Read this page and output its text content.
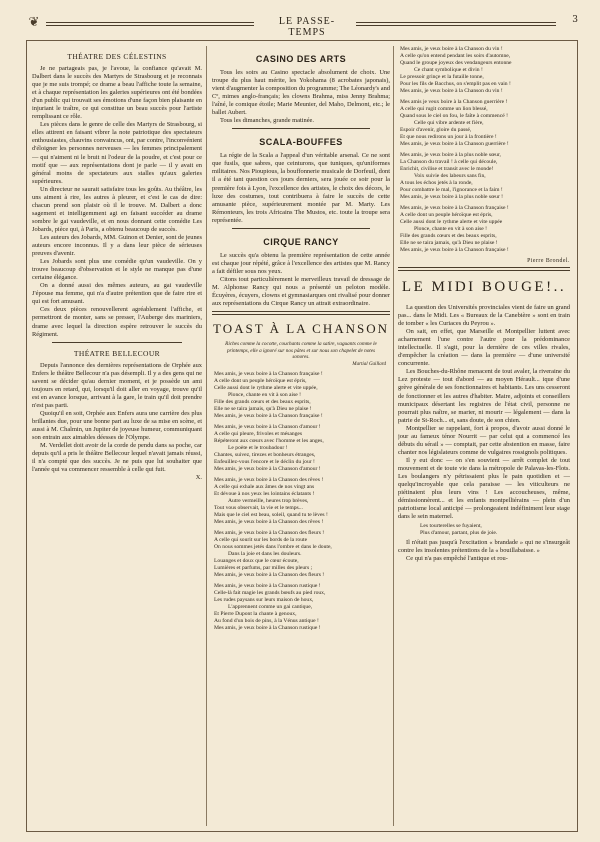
❦	LE PASSE-TEMPS
3
THÉATRE DES CÉLESTINS

Je ne partageais pas, je l'avoue, la confiance qu'avait M. Dalbert dans le succès des Martyrs de Strasbourg et je reconnais que je me suis trompé; ce drame a beau l'affiche toute la semaine, et à chaque représentation les galeries supérieures ont été bondées d'un public qui trouvait ses émotions d'une façon bien plaisante en injuriant le traître, ce qui constitue un beau succès pour l'artiste remplissant ce rôle.

Les pièces dans le genre de celle des Martyrs de Strasbourg, si elles attirent en faisant vibrer la note patriotique des spectateurs enthousiastes, chauvins convaincus, ont, par contre, l'inconvénient d'éloigner les personnes nerveuses — les femmes principalement — qui n'aiment ni le bruit ni l'odeur de la poudre, et c'est pour ce motif que — aux représentations dont je parle — il y avait en général moins de spectateurs aux stalles qu'aux galeries supérieures.

Un directeur ne saurait satisfaire tous les goûts. Au théâtre, les uns aiment à rire, les autres à pleurer, et c'est le cas de dire: chacun prend son plaisir où il le trouve. M. Dalbert a donc sagement et intelligemment agi en faisant succéder au drame sombre le gai vaudeville, et en nous donnant cette comédie Les Jobards, pièce qui, à Paris, a obtenu beaucoup de succès.

Les auteurs des Jobards, MM. Guinon et Denier, sont de jeunes auteurs encore inconnus. Il y a dans leur pièce de sérieuses preuves d'avenir.

Les Jobards sont plus une comédie qu'un vaudeville. On y trouve beaucoup d'observation et le style ne manque pas d'une certaine élégance.

On a donné aussi des mêmes auteurs, au gai vaudeville J'épouse ma femme, qui n'a d'autre prétention que de faire rire et qui est fort amusant.

Ces deux pièces renouvellerent agréablement l'affiche, et permettront de monter, sans se presser, l'Auberge des mariniers, drame avec lequel la direction espère retrouver le succès du Régiment.

THÉATRE BELLECOUR

Depuis l'annonce des dernières représentations de Orphée aux Enfers le théâtre Bellecour n'a pas désempli. Il y a des gens qui ne savent se décider qu'au dernier moment, et je possède un ami toujours en retard, qui, lorsqu'il doit aller en voyage, trouve qu'il est en avance lorsque, arrivant à la gare, le train qu'il doit prendre n'est pas parti.

Quoiqu'il en soit, Orphée aux Enfers aura une carrière des plus brillantes due, pour une bonne part au luxe de sa mise en scène, et aussi à M. Chalmin, un Jupiter de joyeuse humeur, communiquant son entrain aux aimables déesses de l'Olympe.

M. Verdellet doit avoir de la corde de pendu dans sa poche, car depuis qu'il a pris le théâtre Bellecour lequel n'avait jamais réussi, il n'a compté que des succès. Je ne puis que lui souhaiter que l'année qui va commencer ressemble à celle qui fuit.

X.
CASINO DES ARTS

Tous les soirs au Casino spectacle absolument de choix. Une troupe du plus haut mérite, les Yokohama (8 acrobates japonais), vient d'augmenter la composition du programme; The Léonardy's and Cº, mimes anglo-français; les clowns Brahma, miss Jenny Brahma; l'aîné, le comique étoile; Marie Meunier, del Maho, Delmont, etc.; le ballet Aubert.

Tous les dimanches, grande matinée.

SCALA-BOUFFES

La régie de la Scala a l'appeal d'un véritable arsenal. Ce ne sont que fusils, que sabres, que ceinturons, que tuniques, qu'uniformes militaires. Nos Pioupious, la bouffonnerie musicale de Dorfeuil, dont il a été tant question ces jours derniers, sera jouée ce soir pour la première fois à Lyon, l'excellence des artistes, le choix des décors, le luxe des costumes, tout contribuera à faire le succès de cette amusante pièce, supérieurement montée par M. Marty. Les Rémonteurs, les trois Africains The Mustos, etc. toute la troupe sera représentée.

CIRQUE RANCY

Le succès qu'a obtenu la première représentation de cette année est chaque jour répété, grâce à l'excellence des artistes que M. Rancy a fait défiler sous nos yeux.

Citons tout particulièrement le merveilleux travail de dressage de M. Alphonse Rancy qui nous a présenté un peloton modèle. Écuyères, écuyers, clowns et gymnasiarques ont rivalisé pour donner aux représentations du Cirque Rancy un attrait extraordinaire.

TOAST À LA CHANSON
Riches comme la cocotte, couchants comme la satire, vaguants comme le printemps, elle a ignoré sur nos pâtes et sur nous son chapelet de notes sonores.
Martial Gaillard
Mes amis, je veux boire à la Chanson française !
A celle dont un peuple héroïque est épris,
Celle aussi dont le rythme alerte et vite uppée,
Plonce, chante en vit à son aise !
Fille des grands cœurs et des beaux esprits,
Elle ne se taira jamais, qu'à Dieu ne plaise !
Mes amis, je veux boire à la Chanson française !
Mes amis, je veux boire à la Chanson d'amour !
A celle qui pleure, frivoles et mésanges
Répéteront aux cœurs avec l'homme et les anges,
Le poète et le troubadour !
Chantes, suivez, tirezes et bonheurs étranges,
Enfeuillez-vous l'encore et le déclin du jour !
Mes amis, je veux boire à la Chanson d'amour !
Mes amis, je veux boire à la Chanson des rêves !
A celle qui exhale aux âmes de nos vingt ans
Et dévoue à nos yeux les lointains éclatants !
Autre vermeille, heures trop brèves,
Tout vous observait, la vie et le temps...
Mais que le ciel est beau, soleil, quand tu te lèves !
Mes amis, je veux boire à la Chanson des rêves !
Mes amis, je veux boire à la Chanson des fleurs !
A celle qui sourit sur les bords de la route
On nous sommes jetés dans l'ombre et dans le doute,
Dans la joie et dans les douleurs.
Louanges et doux que le cœur écoute,
Lumières et parfums, par milles des pleurs ;
Mes amis, je veux boire à la Chanson des fleurs !
Mes amis, je veux boire à la Chanson rustique !
Celle-là fait magie les grands bœufs au pied roux,
Les rudes paysans sur leurs maison de houx,
L'apprennent comme un gai cantique,
Et Pierre Dupont la chante à genoux,
Au fond d'un bois de pins, à la Vénus antique !
Mes amis, je veux boire à la Chanson rustique !
Mes amis, je veux boire à la Chanson du vin !
A celle qu'on entend pendant les soirs d'automne,
Quand le groupe joyeux des vendangeurs entonne
Ce chant symbolique et divin !
Le pressoir grinçe et la futaille tonne,
Pour les fils de Bacchus, on s'emplit pas en vain !
Mes amis, je veux boire à la Chanson du vin !
Mes amis je veux boire à la Chanson guerrière !
A celle qui rugit comme un lion blessé,
Quand sous le ciel on fou, le faîte à commencé !
Celle qui vibre ardente et fière,
Espoir d'avenir, gloire du passé,
Et que nous redirons un jour à la frontière !
Mes amis, je veux boire à la Chanson guerrière !
Mes amis, je veux boire à la plus noble sœur,
La Chanson du travail ! à celle qui découle,
Enrichit, civilise et transit avec le monde!
Voix suivie des labeurs sans fin,
A tous les échos jetés à la ronde,
Pour combattre le mal, l'ignorance et la faim !
Mes amis, je veux boire à la plus noble sœur !
Mes amis, je veux boire à la Chanson française !
A celle dont un peuple héroïque est épris,
Celle aussi dont le rythme alerte et vite uppée
Plonce, chante en vit à son aise !
Fille des grands cœurs et des beaux esprits,
Elle ne se taira jamais, qu'à Dieu ne plaise !
Mes amis, je veux boire à la Chanson française !
Pierre Brondel.
LE MIDI BOUGE!..

La question des Universités provinciales vient de faire un grand pas... dans le Midi. Les « Bureaux de la Canebière » sont en train de tomber « les Curiaces du Peyrou ».

On sait, en effet, que Marseille et Montpellier luttent avec acharnement l'une contre l'autre pour la prédominance intellectuelle. Il s'agit, pour la dernière de ces villes rivales, d'empêcher la création — dans la première — d'une université concurrente.

Les Bouches-du-Rhône menacent de tout avaler, la riveraine du Lez proteste — tout d'abord — au moyen Hérault... ique d'une grève générale de ses fonctionnaires et habitants. Les uns cesseront de fonctionner et les autres d'habiter. Maire, adjoints et conseillers municipaux désertant les registres de l'état civil, personne ne pourrait plus naître, se marier, ni mourir — légalement — dans la patrie de St-Roch... et, sans doute, de son chien.

Montpellier se rappelant, fort à propos, d'avoir aussi donné le jour au fameux ténor Nourrit — par celui qui a commencé les débuts du sérail » — comptait, par cette abstention en masse, faire chanter nos législateurs comme de vulgaires rossignols politiques.

Il y eut donc — on s'en souvient — arrêt complet de tout mouvement et de toute vie dans la métropole de Palavas-les-Flots. Les boulangers n'y pétrissaient plus le pain quotidien et — quelqu'incroyable que cela paraisse — les viticulteurs ne piétinaient plus leurs vins ! Les accoucheuses, même, démissionnèrent... et les enfants montpelliérains — plein d'un patriotisme local anticipé — prolongeaient indéfiniment leur stage dans le sein maternel.

Les tourterelles se fuyaient,
Plus d'amour, partant, plus de joie.

Il n'était pas jusqu'à l'excitation « brandade » qui ne s'insurgeât contre les insolentes prétentions de la « bouillabaisse. »

Ce qui n'a pas empêché l'antique et rou-
